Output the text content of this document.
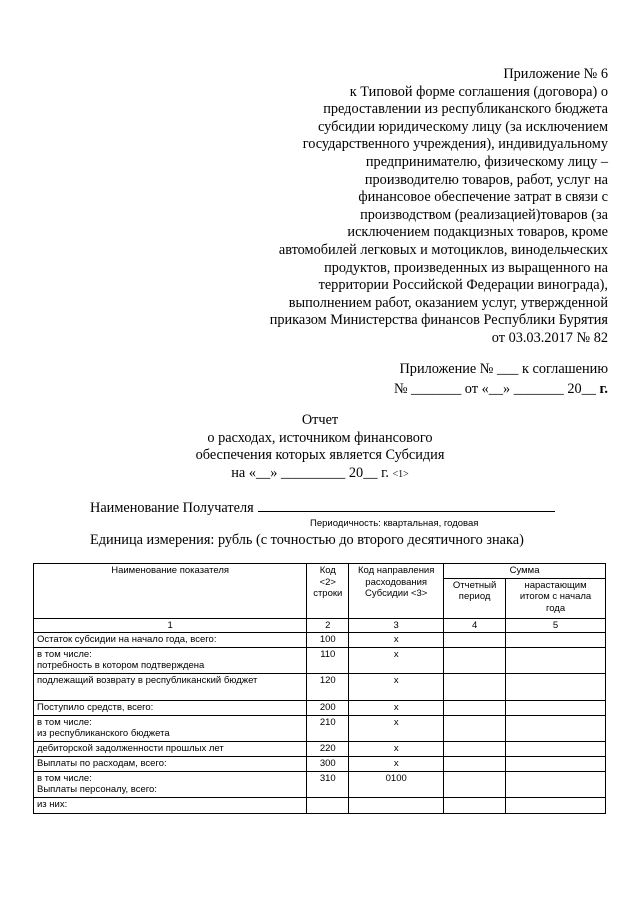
Приложение № 6
к Типовой форме соглашения (договора) о
предоставлении из республиканского бюджета
субсидии юридическому лицу (за исключением
государственного учреждения), индивидуальному
предпринимателю, физическому лицу –
производителю товаров, работ, услуг на
финансовое обеспечение затрат в связи с
производством (реализацией)товаров (за
исключением подакцизных товаров, кроме
автомобилей легковых и мотоциклов, винодельческих
продуктов, произведенных из выращенного на
территории Российской Федерации винограда),
выполнением работ, оказанием услуг, утвержденной
приказом Министерства финансов Республики Бурятия
от 03.03.2017 № 82
Приложение № ___ к соглашению
№ _______ от «__» _______ 20__ г.
Отчет
о расходах, источником финансового
обеспечения которых является Субсидия
на «__» _________ 20__ г. <1>
Наименование Получателя
Периодичность: квартальная, годовая
Единица измерения: рубль (с точностью до второго десятичного знака)
Наименование показателя	Код <2> строки	Код направления расходования Субсидии <3>	Сумма	
			Отчетный период	нарастающим итогом с начала года
1	2	3	4	5
Остаток субсидии на начало года, всего:	100	x		
в том числе:
потребность в котором подтверждена	110	x		
подлежащий возврату в республиканский бюджет	120	x		
Поступило средств, всего:	200	x		
в том числе:
из республиканского бюджета	210	x		
дебиторской задолженности прошлых лет	220	x		
Выплаты по расходам, всего:	300	x		
в том числе:
Выплаты персоналу, всего:	310	0100		
из них:				
